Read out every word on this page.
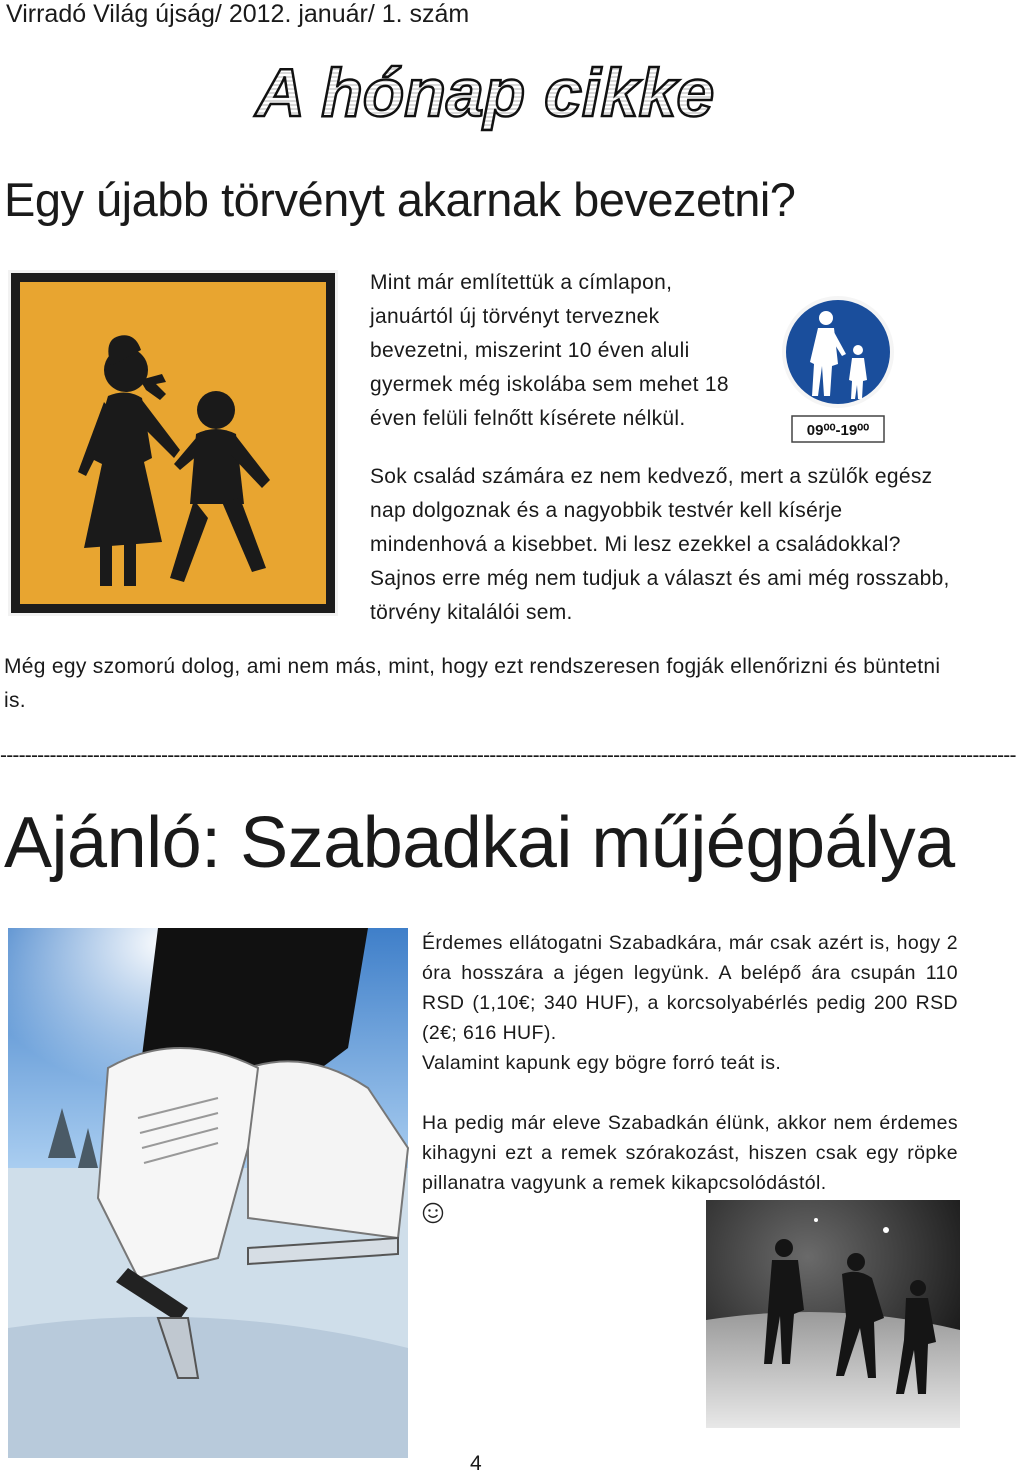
Virradó Világ újság/ 2012. január/ 1. szám
A hónap cikke
Egy újabb törvényt akarnak bevezetni?
09⁰⁰-19⁰⁰

Mint már említettük a címlapon, januártól új törvényt terveznek bevezetni, miszerint 10 éven aluli gyermek még iskolába sem mehet 18 éven felüli felnőtt kísérete nélkül.

Sok család számára ez nem kedvező, mert a szülők egész nap dolgoznak és a nagyobbik testvér kell kísérje mindenhová a kisebbet. Mi lesz ezekkel a családokkal? Sajnos erre még nem tudjuk a választ és ami még rosszabb, törvény kitalálói sem.

Még egy szomorú dolog, ami nem más, mint, hogy ezt rendszeresen fogják ellenőrizni és büntetni is.

--------------------------------------------------------------------------------------------------------------------------------------------------------------------
Ajánló: Szabadkai műjégpálya

Érdemes ellátogatni Szabadkára, már csak azért is, hogy 2 óra hosszára a jégen legyünk. A belépő ára csupán 110 RSD (1,10€; 340 HUF), a korcsolyabérlés pedig 200 RSD (2€; 616 HUF).
Valamint kapunk egy bögre forró teát is.

Ha pedig már eleve Szabadkán élünk, akkor nem érdemes kihagyni ezt a remek szórakozást, hiszen csak egy röpke pillanatra vagyunk a remek kikapcsolódástól.

4
